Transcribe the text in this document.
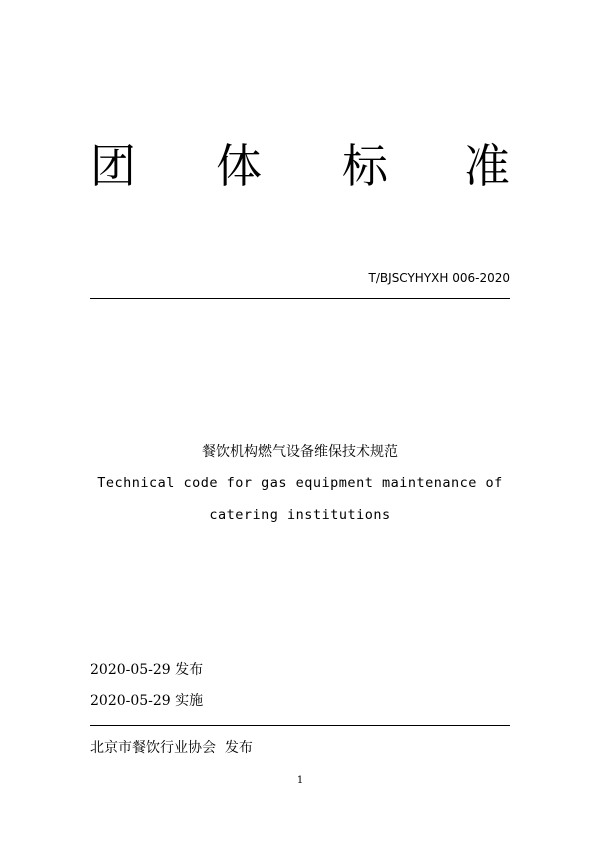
团 体 标 准
T/BJSCYHYXH 006-2020
餐饮机构燃气设备维保技术规范
Technical code for gas equipment maintenance of
catering institutions
2020-05-29 发布
2020-05-29 实施
北京市餐饮行业协会  发布
1
